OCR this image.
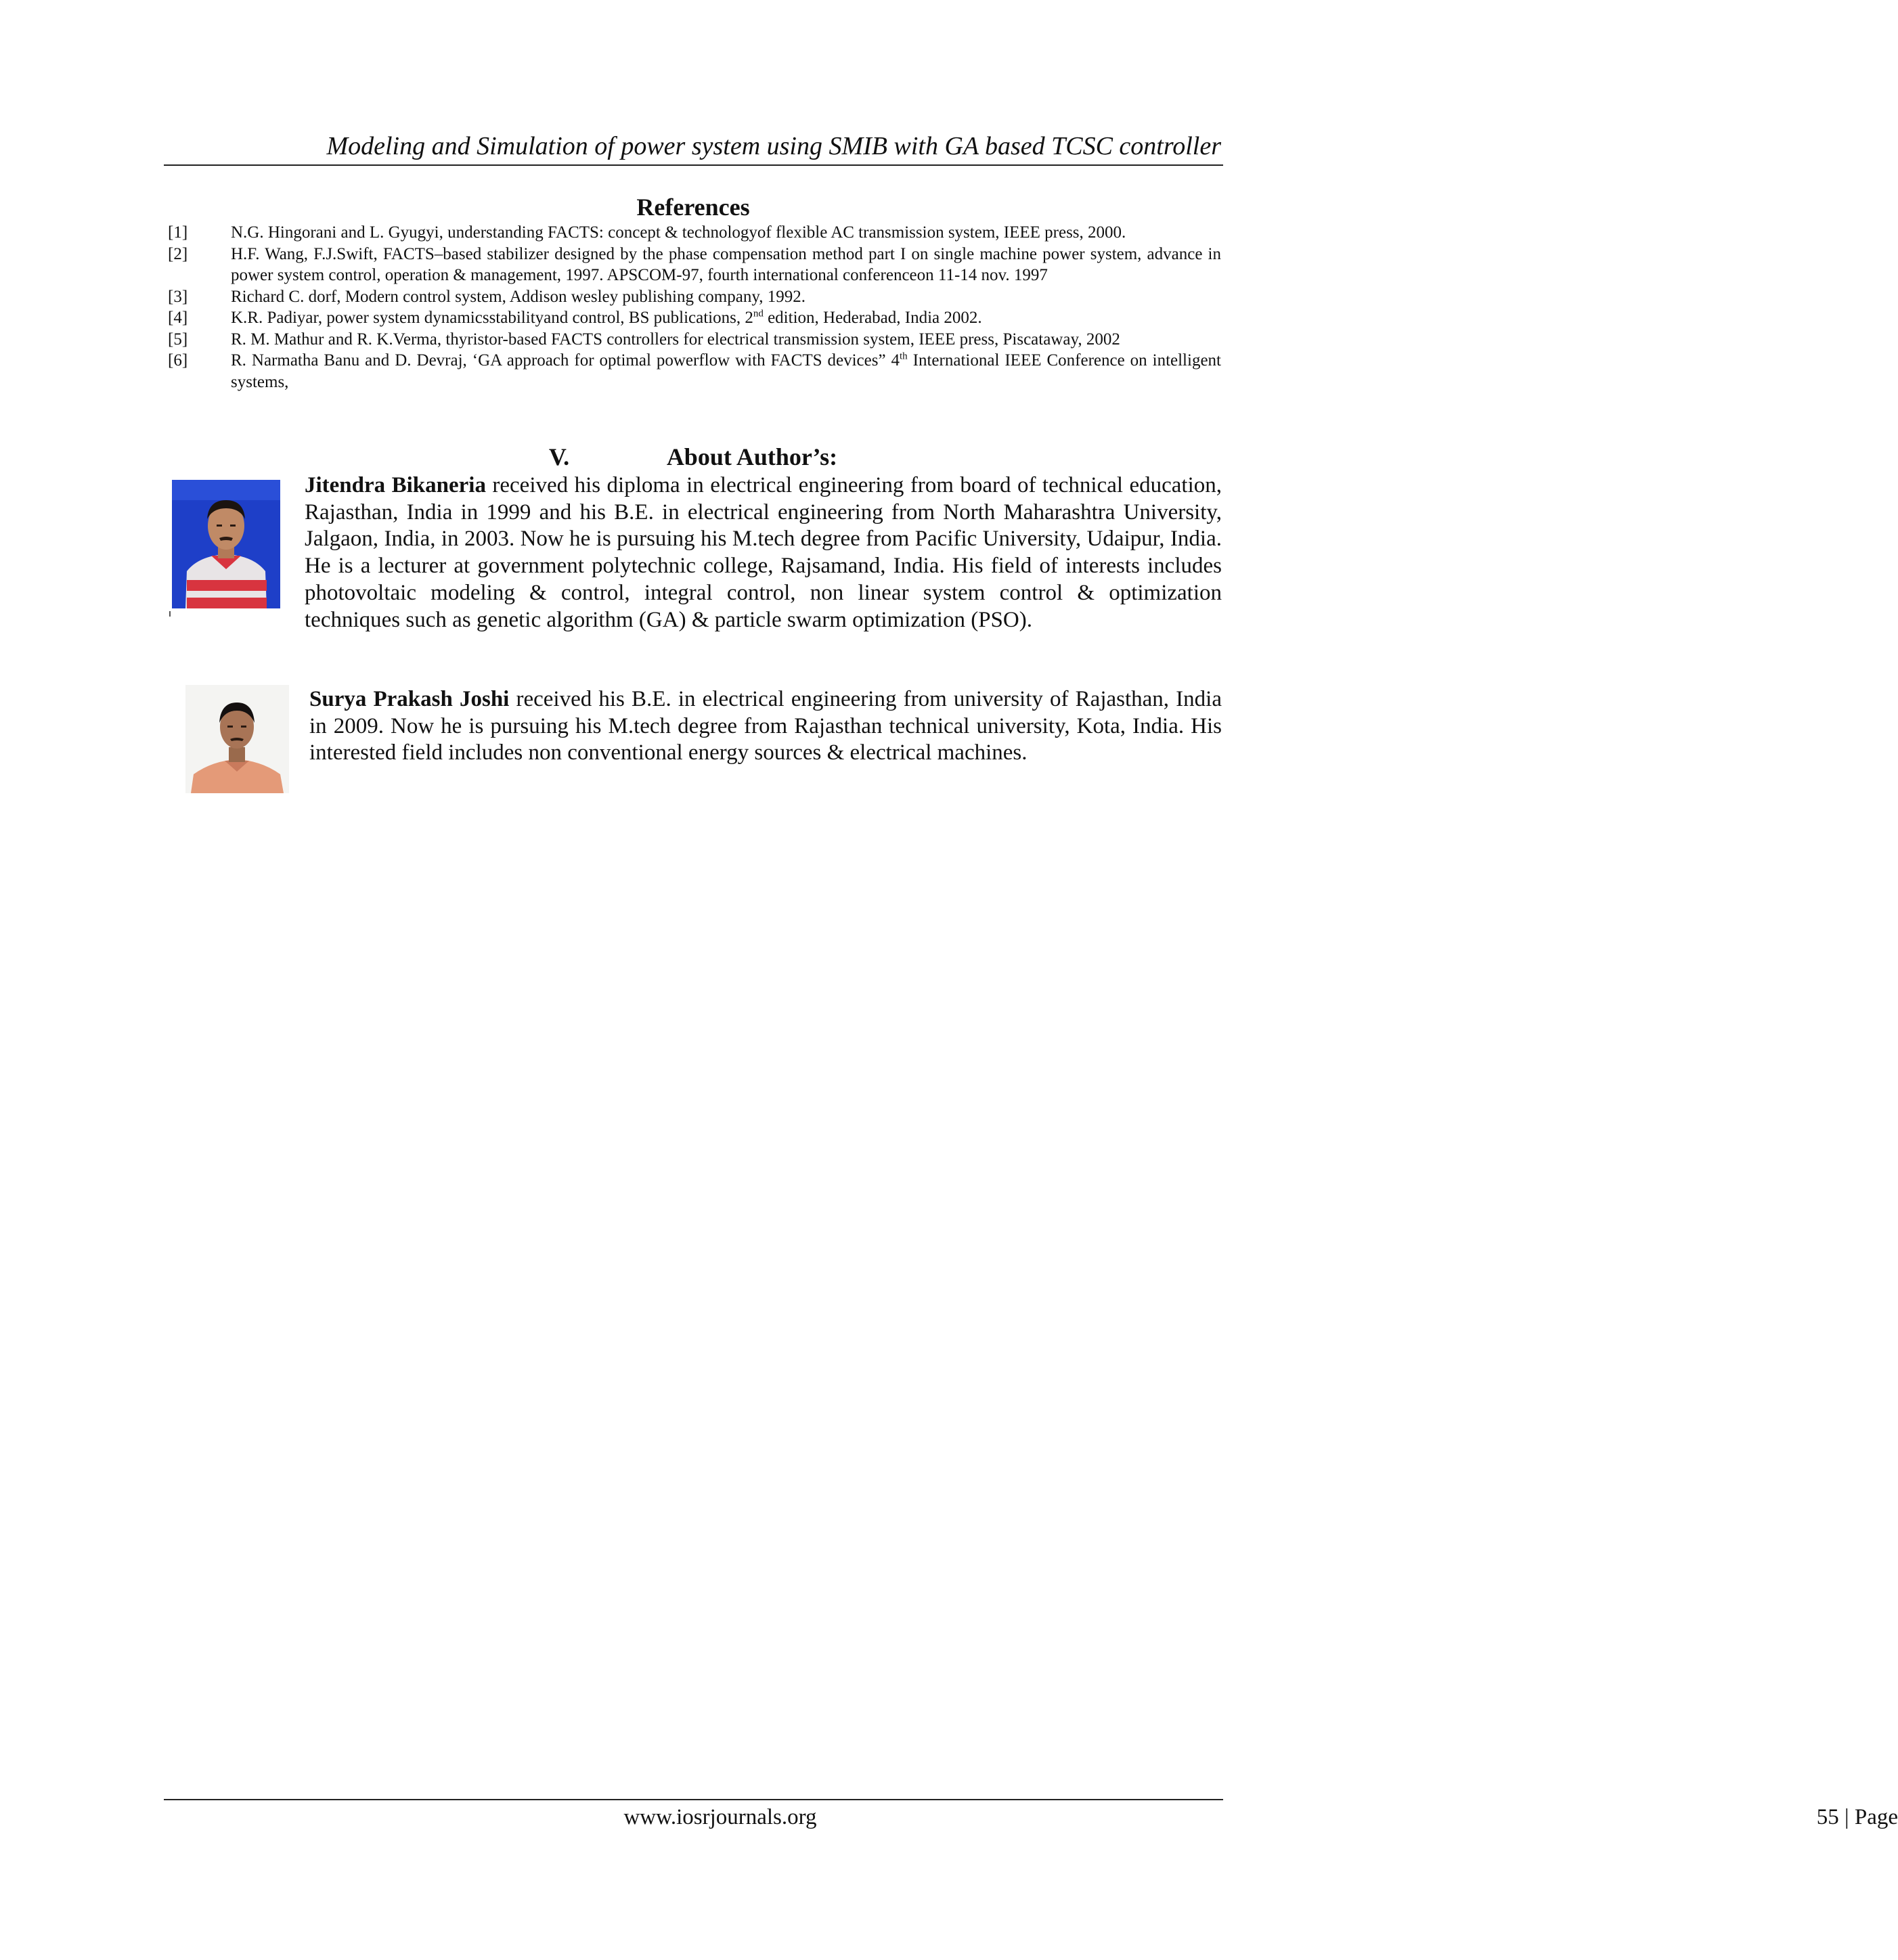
Modeling and Simulation of power system using SMIB with GA based TCSC controller
References
[1]	N.G. Hingorani and L. Gyugyi, understanding FACTS: concept & technologyof flexible AC transmission system, IEEE press, 2000.
[2]	H.F. Wang, F.J.Swift, FACTS–based stabilizer designed by the phase compensation method part I on single machine power system, advance in power system control, operation & management, 1997. APSCOM-97, fourth international conferenceon 11-14 nov. 1997
[3]	Richard C. dorf, Modern control system, Addison wesley publishing company, 1992.
[4]	K.R. Padiyar, power system dynamicsstabilityand control, BS publications, 2nd edition, Hederabad, India 2002.
[5]	R. M. Mathur and R. K.Verma, thyristor-based FACTS controllers for electrical transmission system, IEEE press, Piscataway, 2002
[6]	R. Narmatha Banu and D. Devraj, ‘GA approach for optimal powerflow with FACTS devices” 4th International IEEE Conference on intelligent systems,
V.	About Author’s:
Jitendra Bikaneria received his diploma in electrical engineering from board of technical education, Rajasthan, India in 1999 and his B.E. in electrical engineering from North Maharashtra University, Jalgaon, India, in 2003. Now he is pursuing his M.tech degree from Pacific University, Udaipur, India. He is a lecturer at government polytechnic college, Rajsamand, India. His field of interests includes photovoltaic modeling & control, integral control, non linear system control & optimization techniques such as genetic algorithm (GA) & particle swarm optimization (PSO).
Surya Prakash Joshi received his B.E. in electrical engineering from university of Rajasthan, India in 2009. Now he is pursuing his M.tech degree from Rajasthan technical university, Kota, India. His interested field includes non conventional energy sources & electrical machines.
www.iosrjournals.org	55 | Page
